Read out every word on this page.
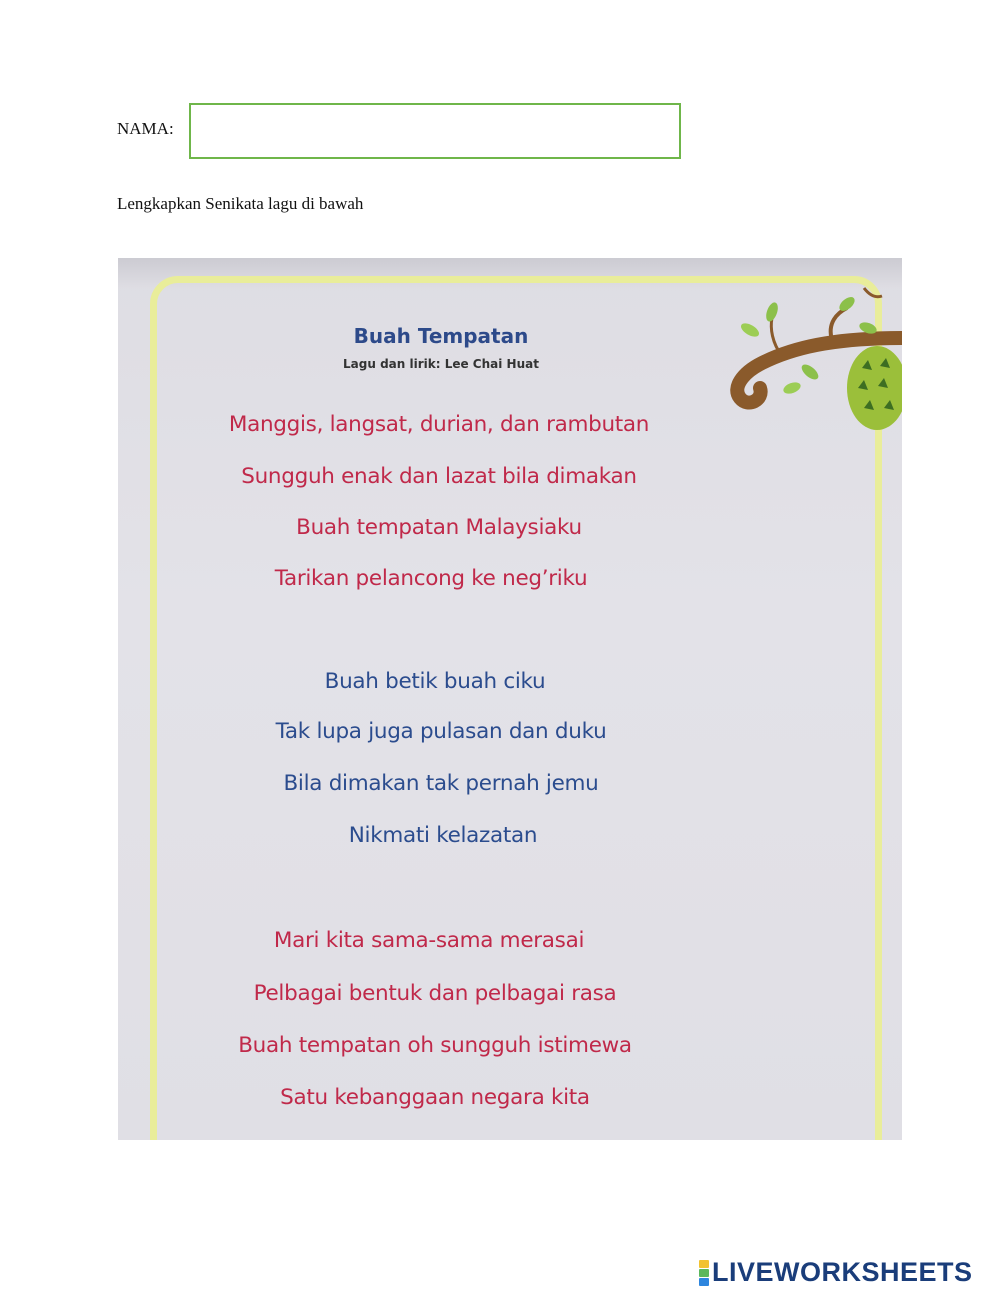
NAMA:
Lengkapkan Senikata lagu di bawah
Buah Tempatan
Lagu dan lirik: Lee Chai Huat
Manggis, langsat, durian, dan rambutan
Sungguh enak dan lazat bila dimakan
Buah tempatan Malaysiaku
Tarikan pelancong ke neg’riku
Buah betik buah ciku
Tak lupa juga pulasan dan duku
Bila dimakan tak pernah jemu
Nikmati kelazatan
Mari kita sama-sama merasai
Pelbagai bentuk dan pelbagai rasa
Buah tempatan oh sungguh istimewa
Satu kebanggaan negara kita
LIVEWORKSHEETS
